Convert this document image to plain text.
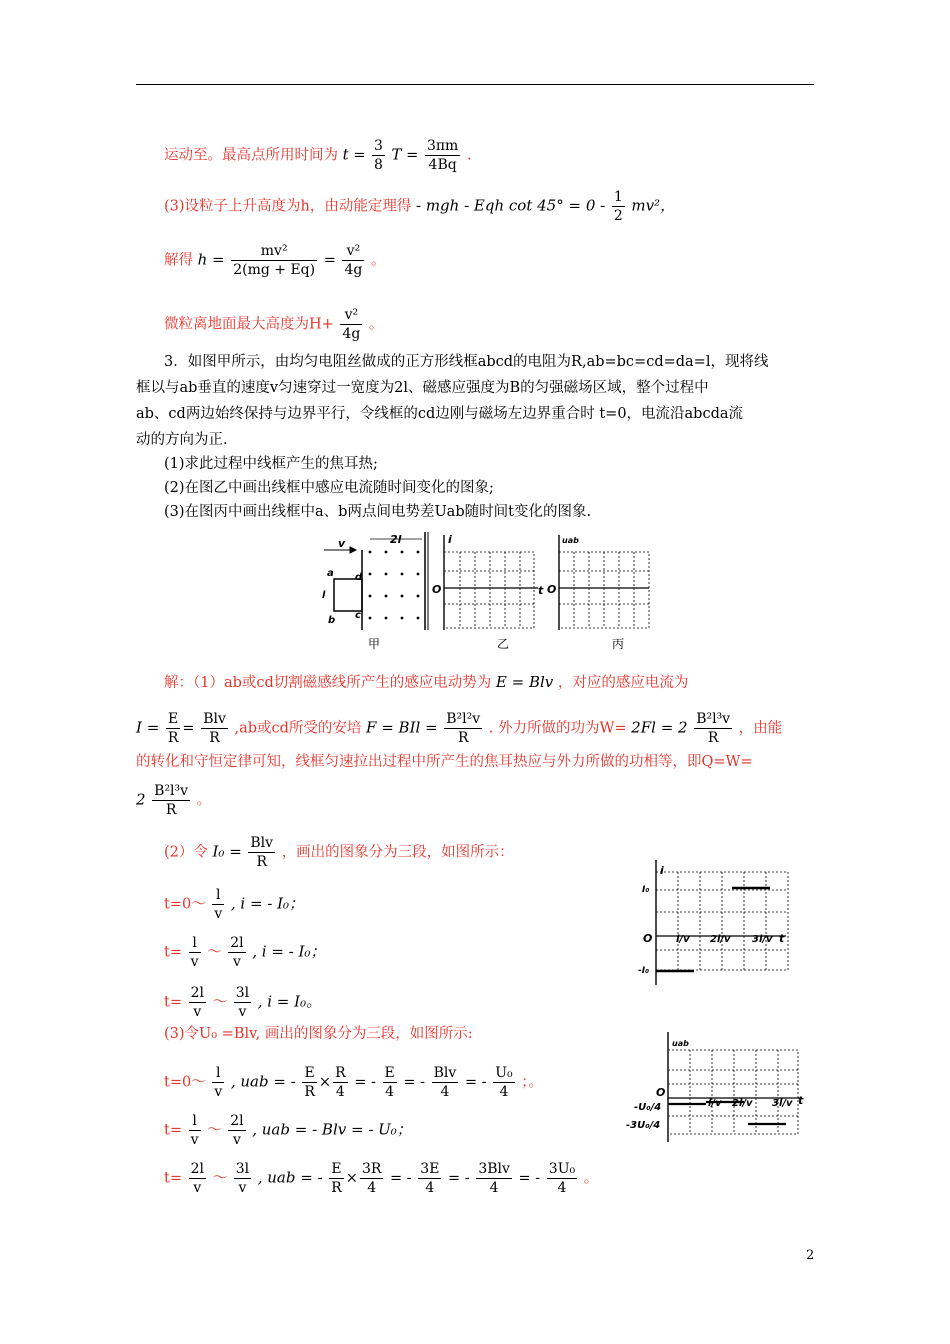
运动至。最高点所用时间为 $t = \frac{3}{8}$ $T = \frac{3\pi m}{4Bq}$ .
(3)设粒子上升高度为h，由动能定理得 - mgh - Eqh $\cot 45^\circ = 0 - \frac{1}{2} mv^2$，
解得 $h = \frac{\text{mv²}}{2(mg + Eq)} = \frac{\text{v²}}{4g}$ 。
微粒离地面最大高度为$H+ \frac{\text{v²}}{4g}$ 。
3．如图甲所示，由均匀电阻丝做成的正方形线框abcd的电阻为R,ab=bc=cd=da=l，现将线
框以与ab垂直的速度v匀速穿过一宽度为2l、磁感应强度为B的匀强磁场区域，整个过程中
ab、cd两边始终保持与边界平行，令线框的cd边刚与磁场左边界重合时 t=0，电流沿abcda流
动的方向为正.
(1)求此过程中线框产生的焦耳热;
(2)在图乙中画出线框中感应电流随时间变化的图象;
(3)在图丙中画出线框中a、b两点间电势差Uab随时间t变化的图象.
2l
v
a
b c
d
l
甲
i
O	t
乙
uab
O
丙
解：（1）ab或cd切割磁感线所产生的感应电动势为 E = Blv ，对应的感应电流为
$I = \frac{E}{R} = \frac{\text{Blv}}{R} ,ab$或cd所受的安培 F = BIl = $\frac{\text{B²l²v}}{R}$ . 外力所做的功为$W= 2Fl = 2 \frac{\text{B²l³v}}{R}$ ，由能
的转化和守恒定律可知，线框匀速拉出过程中所产生的焦耳热应与外力所做的功相等，即Q=W=
$2 \frac{\text{B²l³v}}{R}$ 。
(2）令 $I_0 = \frac{\text{Blv}}{R}$ ，画出的图象分为三段，如图所示：
t=0～ $\frac{l}{v}$ , i = - I₀；
$t= \frac{l}{v}$ ～ $\frac{2l}{v}$ , i = - I₀；
$t= \frac{2l}{v}$ ～ $\frac{3l}{v}$ , i = I₀。
i
I₀
-I₀
O l/v 2l/v 3l/v t
(3)令U₀ =Blv, 画出的图象分为三段，如图所示:
t=0～ $\frac{l}{v}$ , uab = - $\frac{E}{R} \times \frac{R}{4}$ = - $\frac{E}{4}$ = - $\frac{\text{Blv}}{4}$ = - $\frac{\text{U₀}}{4}$ ；。
$t= \frac{l}{v}$ ～ $\frac{2l}{v}$ , uab = - Blv = - U₀；
$t= \frac{2l}{v}$ ～ $\frac{3l}{v}$ , uab = - $\frac{E}{R} \times \frac{3R}{4}$ = - $\frac{3E}{4}$ = - $\frac{\text{3Blv}}{4}$ = - $\frac{\text{3U₀}}{4}$ 。
uab
O
-U₀/4
-3U₀/4
l/v 2l/v 3l/v t
2
